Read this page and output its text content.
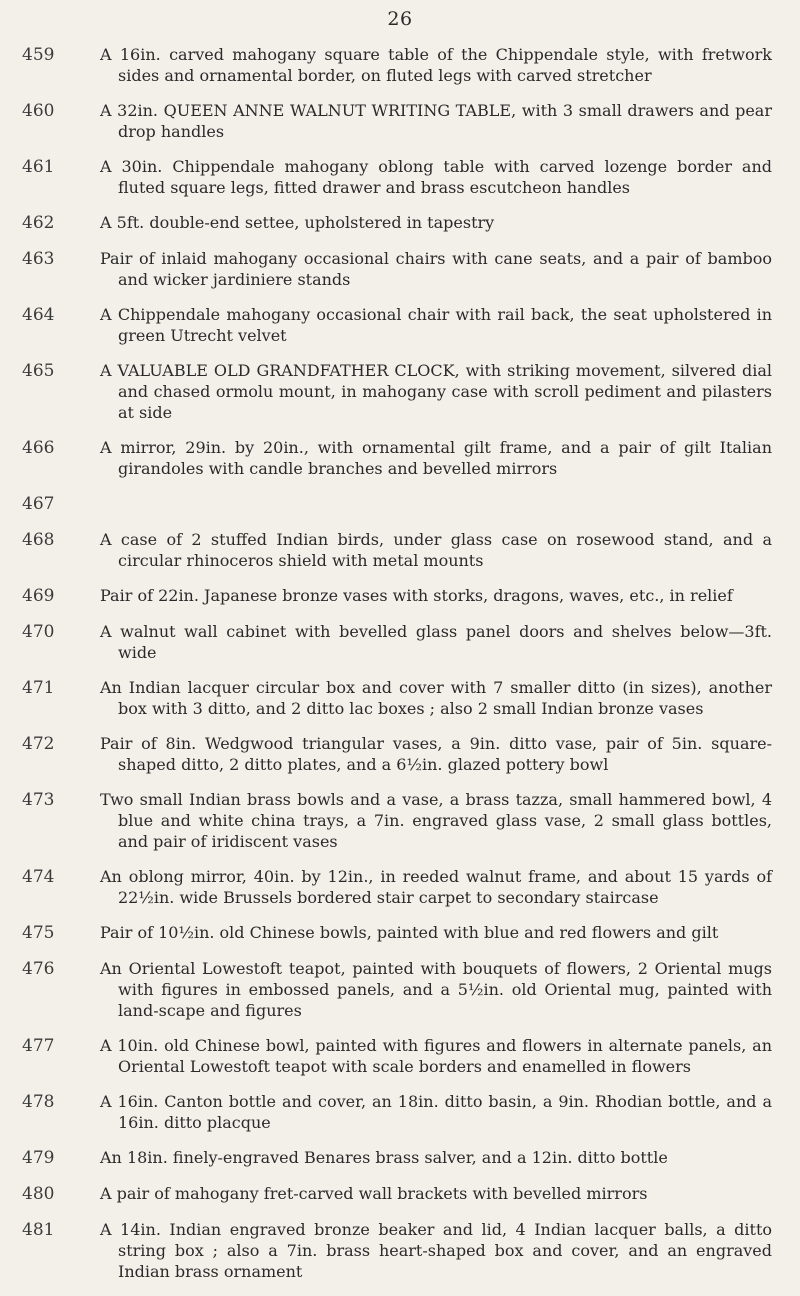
26
459	A 16in. carved mahogany square table of the Chippendale style, with fretwork sides and ornamental border, on fluted legs with carved stretcher
460	A 32in. QUEEN ANNE WALNUT WRITING TABLE, with 3 small drawers and pear drop handles
461	A 30in. Chippendale mahogany oblong table with carved lozenge border and fluted square legs, fitted drawer and brass escutcheon handles
462	A 5ft. double-end settee, upholstered in tapestry
463	Pair of inlaid mahogany occasional chairs with cane seats, and a pair of bamboo and wicker jardiniere stands
464	A Chippendale mahogany occasional chair with rail back, the seat upholstered in green Utrecht velvet
465	A VALUABLE OLD GRANDFATHER CLOCK, with striking movement, silvered dial and chased ormolu mount, in mahogany case with scroll pediment and pilasters at side
466	A mirror, 29in. by 20in., with ornamental gilt frame, and a pair of gilt Italian girandoles with candle branches and bevelled mirrors
467
468	A case of 2 stuffed Indian birds, under glass case on rosewood stand, and a circular rhinoceros shield with metal mounts
469	Pair of 22in. Japanese bronze vases with storks, dragons, waves, etc., in relief
470	A walnut wall cabinet with bevelled glass panel doors and shelves below—3ft. wide
471	An Indian lacquer circular box and cover with 7 smaller ditto (in sizes), another box with 3 ditto, and 2 ditto lac boxes ; also 2 small Indian bronze vases
472	Pair of 8in. Wedgwood triangular vases, a 9in. ditto vase, pair of 5in. square-shaped ditto, 2 ditto plates, and a 6½in. glazed pottery bowl
473	Two small Indian brass bowls and a vase, a brass tazza, small hammered bowl, 4 blue and white china trays, a 7in. engraved glass vase, 2 small glass bottles, and pair of iridiscent vases
474	An oblong mirror, 40in. by 12in., in reeded walnut frame, and about 15 yards of 22½in. wide Brussels bordered stair carpet to secondary staircase
475	Pair of 10½in. old Chinese bowls, painted with blue and red flowers and gilt
476	An Oriental Lowestoft teapot, painted with bouquets of flowers, 2 Oriental mugs with figures in embossed panels, and a 5½in. old Oriental mug, painted with land-scape and figures
477	A 10in. old Chinese bowl, painted with figures and flowers in alternate panels, an Oriental Lowestoft teapot with scale borders and enamelled in flowers
478	A 16in. Canton bottle and cover, an 18in. ditto basin, a 9in. Rhodian bottle, and a 16in. ditto placque
479	An 18in. finely-engraved Benares brass salver, and a 12in. ditto bottle
480	A pair of mahogany fret-carved wall brackets with bevelled mirrors
481	A 14in. Indian engraved bronze beaker and lid, 4 Indian lacquer balls, a ditto string box ; also a 7in. brass heart-shaped box and cover, and an engraved Indian brass ornament
